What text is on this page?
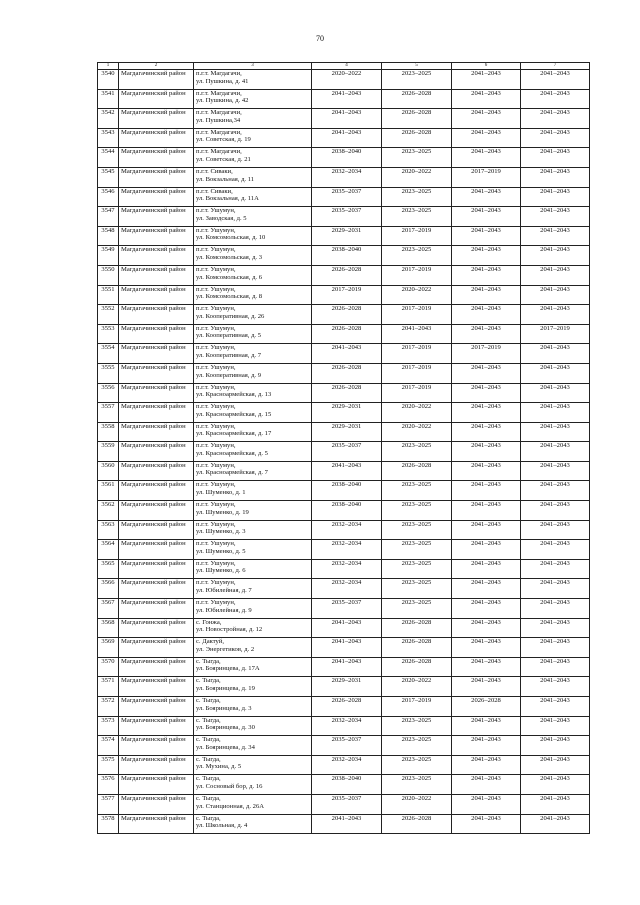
70
1	2	3	4	5	6	7
3540	Магдагачинский район	п.г.т. Магдагачи,
ул. Пушкина, д. 41	2020–2022	2023–2025	2041–2043	2041–2043
3541	Магдагачинский район	п.г.т. Магдагачи,
ул. Пушкина, д. 42	2041–2043	2026–2028	2041–2043	2041–2043
3542	Магдагачинский район	п.г.т. Магдагачи,
ул. Пушкина,34	2041–2043	2026–2028	2041–2043	2041–2043
3543	Магдагачинский район	п.г.т. Магдагачи,
ул. Советская, д. 19	2041–2043	2026–2028	2041–2043	2041–2043
3544	Магдагачинский район	п.г.т. Магдагачи,
ул. Советская, д. 21	2038–2040	2023–2025	2041–2043	2041–2043
3545	Магдагачинский район	п.г.т. Сиваки,
ул. Вокзальная, д. 11	2032–2034	2020–2022	2017–2019	2041–2043
3546	Магдагачинский район	п.г.т. Сиваки,
ул. Вокзальная, д. 11А	2035–2037	2023–2025	2041–2043	2041–2043
3547	Магдагачинский район	п.г.т. Ушумун,
ул. Заводская, д. 5	2035–2037	2023–2025	2041–2043	2041–2043
3548	Магдагачинский район	п.г.т. Ушумун,
ул. Комсомольская, д. 10	2029–2031	2017–2019	2041–2043	2041–2043
3549	Магдагачинский район	п.г.т. Ушумун,
ул. Комсомольская, д. 3	2038–2040	2023–2025	2041–2043	2041–2043
3550	Магдагачинский район	п.г.т. Ушумун,
ул. Комсомольская, д. 6	2026–2028	2017–2019	2041–2043	2041–2043
3551	Магдагачинский район	п.г.т. Ушумун,
ул. Комсомольская, д. 8	2017–2019	2020–2022	2041–2043	2041–2043
3552	Магдагачинский район	п.г.т. Ушумун,
ул. Кооперативная, д. 26	2026–2028	2017–2019	2041–2043	2041–2043
3553	Магдагачинский район	п.г.т. Ушумун,
ул. Кооперативная, д. 5	2026–2028	2041–2043	2041–2043	2017–2019
3554	Магдагачинский район	п.г.т. Ушумун,
ул. Кооперативная, д. 7	2041–2043	2017–2019	2017–2019	2041–2043
3555	Магдагачинский район	п.г.т. Ушумун,
ул. Кооперативная, д. 9	2026–2028	2017–2019	2041–2043	2041–2043
3556	Магдагачинский район	п.г.т. Ушумун,
ул. Красноармейская, д. 13	2026–2028	2017–2019	2041–2043	2041–2043
3557	Магдагачинский район	п.г.т. Ушумун,
ул. Красноармейская, д. 15	2029–2031	2020–2022	2041–2043	2041–2043
3558	Магдагачинский район	п.г.т. Ушумун,
ул. Красноармейская, д. 17	2029–2031	2020–2022	2041–2043	2041–2043
3559	Магдагачинский район	п.г.т. Ушумун,
ул. Красноармейская, д. 5	2035–2037	2023–2025	2041–2043	2041–2043
3560	Магдагачинский район	п.г.т. Ушумун,
ул. Красноармейская, д. 7	2041–2043	2026–2028	2041–2043	2041–2043
3561	Магдагачинский район	п.г.т. Ушумун,
ул. Шуменко, д. 1	2038–2040	2023–2025	2041–2043	2041–2043
3562	Магдагачинский район	п.г.т. Ушумун,
ул. Шуменко, д. 19	2038–2040	2023–2025	2041–2043	2041–2043
3563	Магдагачинский район	п.г.т. Ушумун,
ул. Шуменко, д. 3	2032–2034	2023–2025	2041–2043	2041–2043
3564	Магдагачинский район	п.г.т. Ушумун,
ул. Шуменко, д. 5	2032–2034	2023–2025	2041–2043	2041–2043
3565	Магдагачинский район	п.г.т. Ушумун,
ул. Шуменко, д. 6	2032–2034	2023–2025	2041–2043	2041–2043
3566	Магдагачинский район	п.г.т. Ушумун,
ул. Юбилейная, д. 7	2032–2034	2023–2025	2041–2043	2041–2043
3567	Магдагачинский район	п.г.т. Ушумун,
ул. Юбилейная, д. 9	2035–2037	2023–2025	2041–2043	2041–2043
3568	Магдагачинский район	с. Гонжа,
ул. Новостройная, д. 12	2041–2043	2026–2028	2041–2043	2041–2043
3569	Магдагачинский район	с. Дактуй,
ул. Энергетиков, д. 2	2041–2043	2026–2028	2041–2043	2041–2043
3570	Магдагачинский район	с. Тыгда,
ул. Бояринцева, д. 17А	2041–2043	2026–2028	2041–2043	2041–2043
3571	Магдагачинский район	с. Тыгда,
ул. Бояринцева, д. 19	2029–2031	2020–2022	2041–2043	2041–2043
3572	Магдагачинский район	с. Тыгда,
ул. Бояринцева, д. 3	2026–2028	2017–2019	2026–2028	2041–2043
3573	Магдагачинский район	с. Тыгда,
ул. Бояринцева, д. 30	2032–2034	2023–2025	2041–2043	2041–2043
3574	Магдагачинский район	с. Тыгда,
ул. Бояринцева, д. 34	2035–2037	2023–2025	2041–2043	2041–2043
3575	Магдагачинский район	с. Тыгда,
ул. Мухина, д. 5	2032–2034	2023–2025	2041–2043	2041–2043
3576	Магдагачинский район	с. Тыгда,
ул. Сосновый бор, д. 16	2038–2040	2023–2025	2041–2043	2041–2043
3577	Магдагачинский район	с. Тыгда,
ул. Станционная, д. 26А	2035–2037	2020–2022	2041–2043	2041–2043
3578	Магдагачинский район	с. Тыгда,
ул. Школьная, д. 4	2041–2043	2026–2028	2041–2043	2041–2043
